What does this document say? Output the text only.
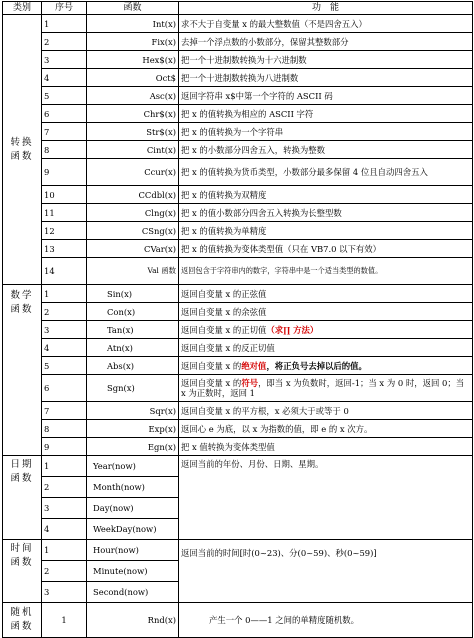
类别	序号	函数	功　能
转换函数	1	Int(x)	求不大于自变量 x 的最大整数值（不是四舍五入）
	2	Fix(x)	去掉一个浮点数的小数部分，保留其整数部分
	3	Hex$(x)	把一个十进制数转换为十六进制数
	4	Oct$	把一个十进制数转换为八进制数
	5	Asc(x)	返回字符串 x$中第一个字符的 ASCII 码
	6	Chr$(x)	把 x 的值转换为相应的 ASCII 字符
	7	Str$(x)	把 x 的值转换为一个字符串
	8	Cint(x)	把 x 的小数部分四舍五入，转换为整数
	9	Ccur(x)	把 x 的值转换为货币类型，小数部分最多保留 4 位且自动四舍五入
	10	CCdbl(x)	把 x 的值转换为双精度
	11	Clng(x)	把 x 的值小数部分四舍五入转换为长整型数
	12	CSng(x)	把 x 的值转换为单精度
	13	CVar(x)	把 x 的值转换为变体类型值（只在 VB7.0 以下有效）
	14	Val 函数	返回包含于字符串内的数字，字符串中是一个适当类型的数值。
数学函数	1	Sin(x)	返回自变量 x 的正弦值
	2	Con(x)	返回自变量 x 的余弦值
	3	Tan(x)	返回自变量 x 的正切值（求∏ 方法）
	4	Atn(x)	返回自变量 x 的反正切值
	5	Abs(x)	返回自变量 x 的绝对值，将正负号去掉以后的值。
	6	Sgn(x)	返回自变量 x 的符号，即当 x 为负数时，返回-1；当 x 为 0 时，返回 0；当 x 为正数时，返回 1
	7	Sqr(x)	返回自变量 x 的平方根，x 必须大于或等于 0
	8	Exp(x)	返回心 e 为底，以 x 为指数的值，即 e 的 x 次方。
	9	Egn(x)	把 x 值转换为变体类型值
日期函数	1	Year(now)	返回当前的年份、月份、日期、星期。
	2	Month(now)	
	3	Day(now)	
	4	WeekDay(now)	
时间函数	1	Hour(now)	返回当前的时间[时(0~23)、分(0~59)、秒(0~59)]
	2	Minute(now)	
	3	Second(now)	
随机函数	1	Rnd(x)	产生一个 0——1 之间的单精度随机数。
